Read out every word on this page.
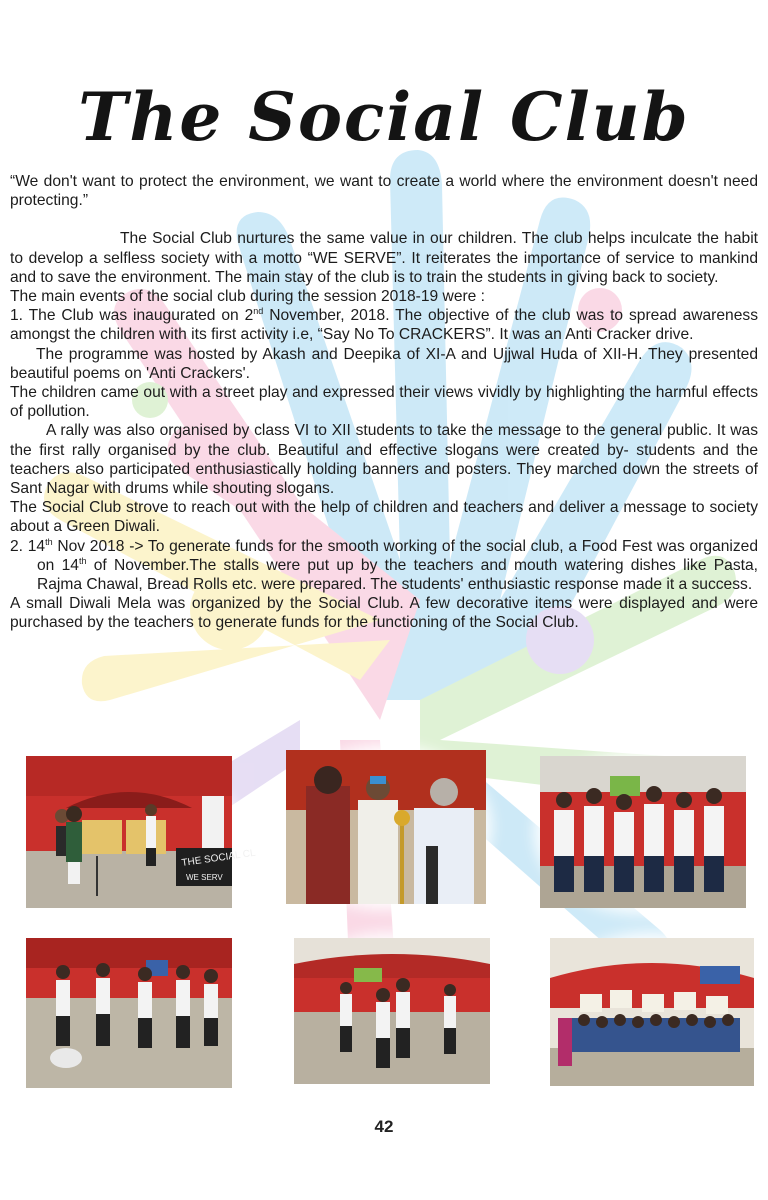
The Social Club

“We don't want to protect the environment, we want to create a world where the environment doesn't need protecting.”

The Social Club nurtures the same value in our children. The club helps inculcate the habit to develop a selfless society with a motto “WE SERVE”. It reiterates the importance of service to mankind and to save the environment. The main stay of the club is to train the students in giving back to society.

The main events of the social club during the session 2018-19 were :

1. The Club was inaugurated on 2nd November, 2018. The objective of the club was to spread awareness amongst the children with its first activity i.e, “Say No To CRACKERS”. It was an Anti Cracker drive.

The programme was hosted by Akash and Deepika of XI-A and Ujjwal Huda of XII-H. They presented beautiful poems on 'Anti Crackers'.

The children came out with a street play and expressed their views vividly by highlighting the harmful effects of pollution.

A rally was also organised by class VI to XII students to take the message to the general public. It was the first rally organised by the club. Beautiful and effective slogans were created by- students and the teachers also participated enthusiastically holding banners and posters. They marched down the streets of Sant Nagar with drums while shouting slogans.

The Social Club strove to reach out with the help of children and teachers and deliver a message to society about a Green Diwali.

2. 14th Nov 2018 -> To generate funds for the smooth working of the social club, a Food Fest was organized on 14th of November.The stalls were put up by the teachers and mouth watering dishes like Pasta, Rajma Chawal, Bread Rolls etc. were prepared. The students' enthusiastic response made it a success.

A small Diwali Mela was organized by the Social Club. A few decorative items were displayed and were purchased by the teachers to generate funds for the functioning of the Social Club.

THE SOCIAL CL
WE SERV
42
